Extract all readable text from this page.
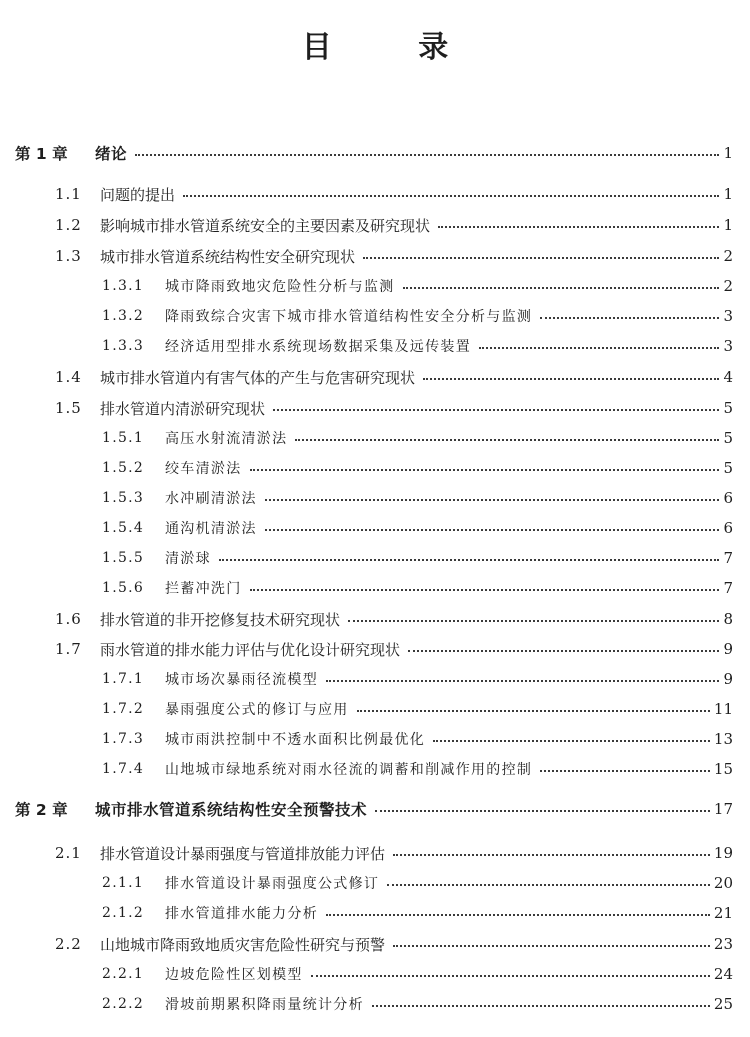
目 录
第 1 章	绪论	1
1.1	问题的提出	1
1.2	影响城市排水管道系统安全的主要因素及研究现状	1
1.3	城市排水管道系统结构性安全研究现状	2
1.3.1	城市降雨致地灾危险性分析与监测	2
1.3.2	降雨致综合灾害下城市排水管道结构性安全分析与监测	3
1.3.3	经济适用型排水系统现场数据采集及远传装置	3
1.4	城市排水管道内有害气体的产生与危害研究现状	4
1.5	排水管道内清淤研究现状	5
1.5.1	高压水射流清淤法	5
1.5.2	绞车清淤法	5
1.5.3	水冲刷清淤法	6
1.5.4	通沟机清淤法	6
1.5.5	清淤球	7
1.5.6	拦蓄冲洗门	7
1.6	排水管道的非开挖修复技术研究现状	8
1.7	雨水管道的排水能力评估与优化设计研究现状	9
1.7.1	城市场次暴雨径流模型	9
1.7.2	暴雨强度公式的修订与应用	11
1.7.3	城市雨洪控制中不透水面积比例最优化	13
1.7.4	山地城市绿地系统对雨水径流的调蓄和削减作用的控制	15
第 2 章	城市排水管道系统结构性安全预警技术	17
2.1	排水管道设计暴雨强度与管道排放能力评估	19
2.1.1	排水管道设计暴雨强度公式修订	20
2.1.2	排水管道排水能力分析	21
2.2	山地城市降雨致地质灾害危险性研究与预警	23
2.2.1	边坡危险性区划模型	24
2.2.2	滑坡前期累积降雨量统计分析	25
